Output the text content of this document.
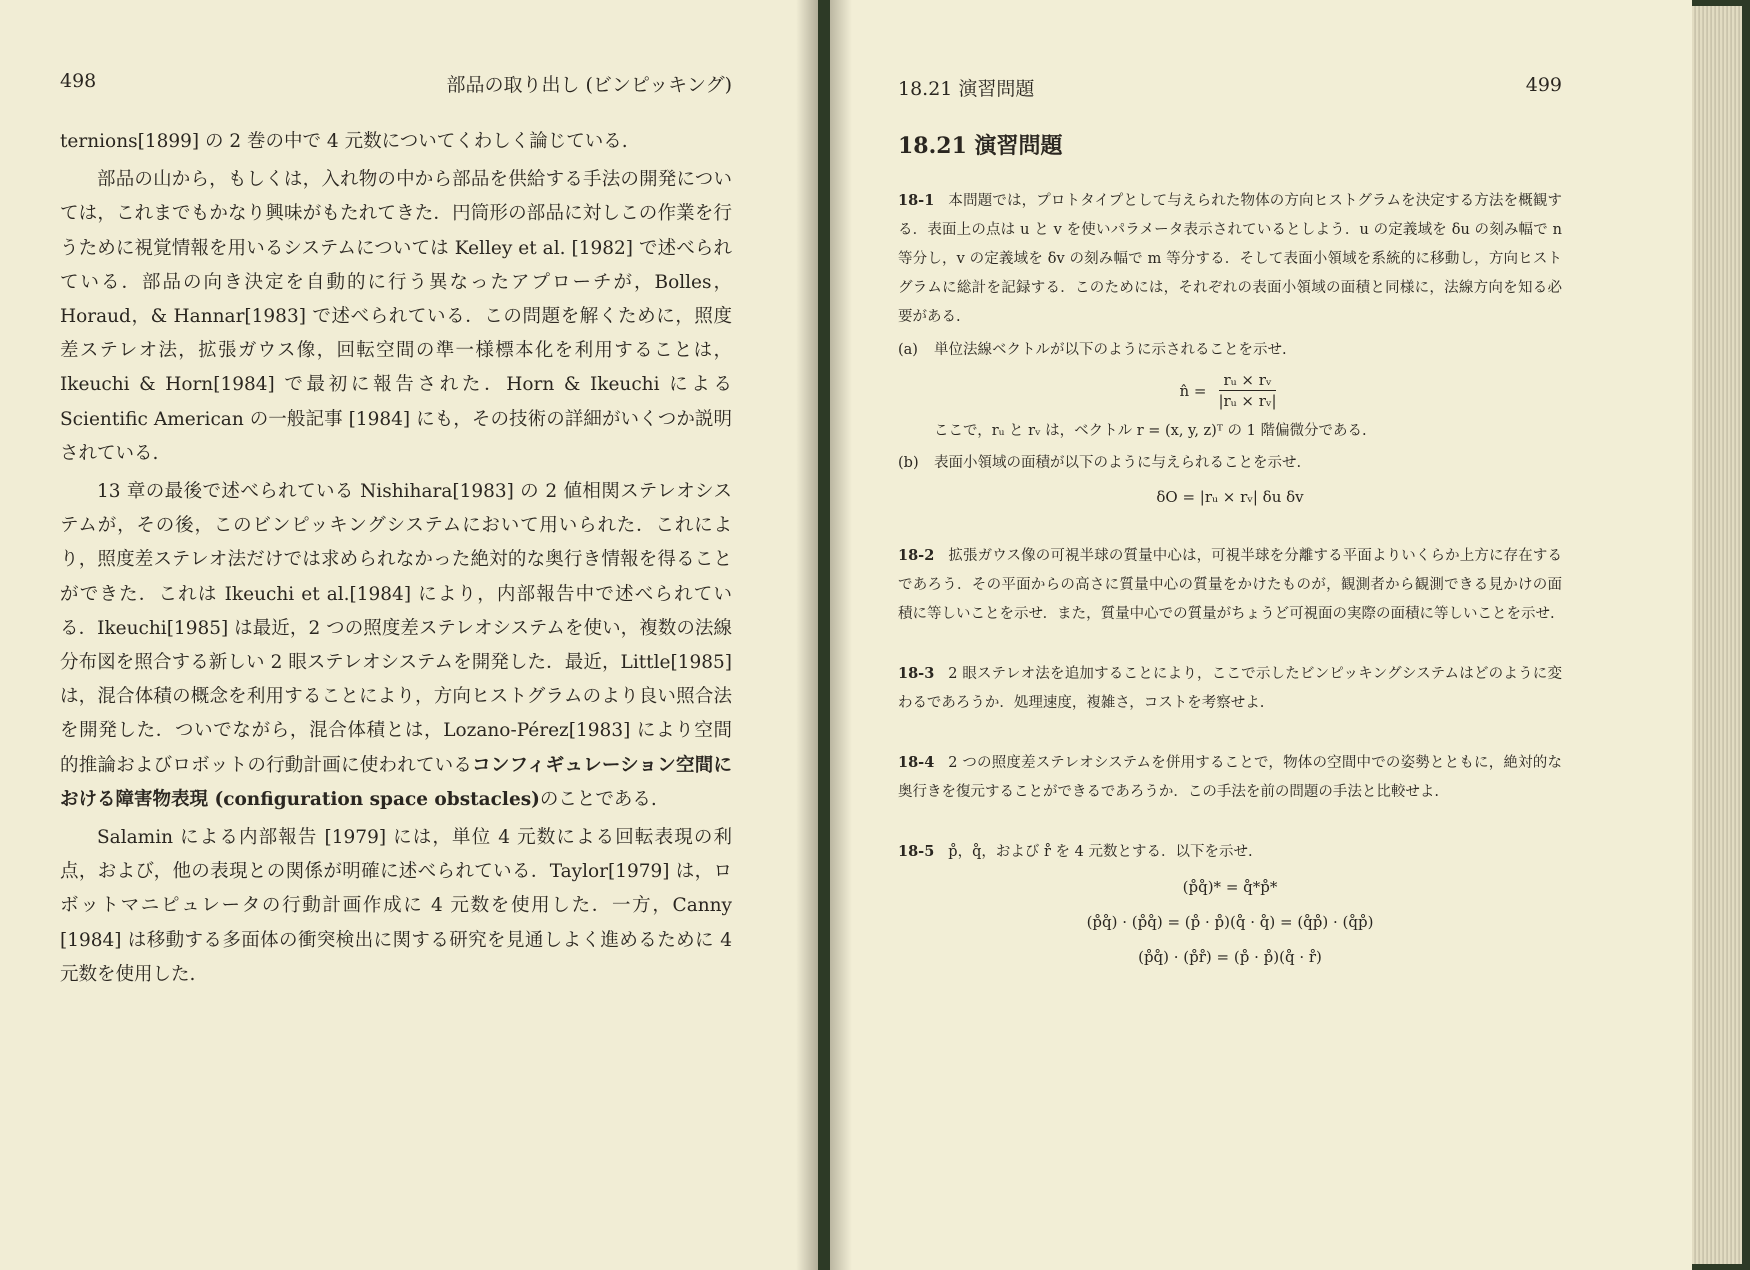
498	部品の取り出し (ビンピッキング)

ternions[1899] の 2 巻の中で 4 元数についてくわしく論じている.

部品の山から，もしくは，入れ物の中から部品を供給する手法の開発については，これまでもかなり興味がもたれてきた．円筒形の部品に対しこの作業を行うために視覚情報を用いるシステムについては Kelley et al. [1982] で述べられている．部品の向き決定を自動的に行う異なったアプローチが，Bolles，Horaud，& Hannar[1983] で述べられている．この問題を解くために，照度差ステレオ法，拡張ガウス像，回転空間の準一様標本化を利用することは，Ikeuchi & Horn[1984] で最初に報告された．Horn & Ikeuchi による Scientific American の一般記事 [1984] にも，その技術の詳細がいくつか説明されている.

13 章の最後で述べられている Nishihara[1983] の 2 値相関ステレオシステムが，その後，このビンピッキングシステムにおいて用いられた．これにより，照度差ステレオ法だけでは求められなかった絶対的な奥行き情報を得ることができた．これは Ikeuchi et al.[1984] により，内部報告中で述べられている．Ikeuchi[1985] は最近，2 つの照度差ステレオシステムを使い，複数の法線分布図を照合する新しい 2 眼ステレオシステムを開発した．最近，Little[1985] は，混合体積の概念を利用することにより，方向ヒストグラムのより良い照合法を開発した．ついでながら，混合体積とは，Lozano-Pérez[1983] により空間的推論およびロボットの行動計画に使われているコンフィギュレーション空間における障害物表現 (configuration space obstacles)のことである.

Salamin による内部報告 [1979] には，単位 4 元数による回転表現の利点，および，他の表現との関係が明確に述べられている．Taylor[1979] は，ロボットマニピュレータの行動計画作成に 4 元数を使用した．一方，Canny [1984] は移動する多面体の衝突検出に関する研究を見通しよく進めるために 4 元数を使用した.

18.21 演習問題	499
18.21 演習問題
18-1 本問題では，プロトタイプとして与えられた物体の方向ヒストグラムを決定する方法を概観する．表面上の点は u と v を使いパラメータ表示されているとしよう．u の定義域を δu の刻み幅で n 等分し，v の定義域を δv の刻み幅で m 等分する．そして表面小領域を系統的に移動し，方向ヒストグラムに総計を記録する．このためには，それぞれの表面小領域の面積と同様に，法線方向を知る必要がある.
(a)	単位法線ベクトルが以下のように示されることを示せ.
n̂ = $\frac{\text{rᵤ × rᵥ}}{\text{|rᵤ × rᵥ|}}$
ここで，rᵤ と rᵥ は，ベクトル r = (x, y, z)ᵀ の 1 階偏微分である.
(b)	表面小領域の面積が以下のように与えられることを示せ.
δO = |rᵤ × rᵥ| δu δv
18-2 拡張ガウス像の可視半球の質量中心は，可視半球を分離する平面よりいくらか上方に存在するであろう．その平面からの高さに質量中心の質量をかけたものが，観測者から観測できる見かけの面積に等しいことを示せ．また，質量中心での質量がちょうど可視面の実際の面積に等しいことを示せ.
18-3 2 眼ステレオ法を追加することにより，ここで示したビンピッキングシステムはどのように変わるであろうか．処理速度，複雑さ，コストを考察せよ.
18-4 2 つの照度差ステレオシステムを併用することで，物体の空間中での姿勢とともに，絶対的な奥行きを復元することができるであろうか．この手法を前の問題の手法と比較せよ.
18-5 p̊，q̊，および r̊ を 4 元数とする．以下を示せ.
(p̊q̊)* = q̊*p̊*
(p̊q̊) · (p̊q̊) = (p̊ · p̊)(q̊ · q̊) = (q̊p̊) · (q̊p̊)
(p̊q̊) · (p̊r̊) = (p̊ · p̊)(q̊ · r̊)
